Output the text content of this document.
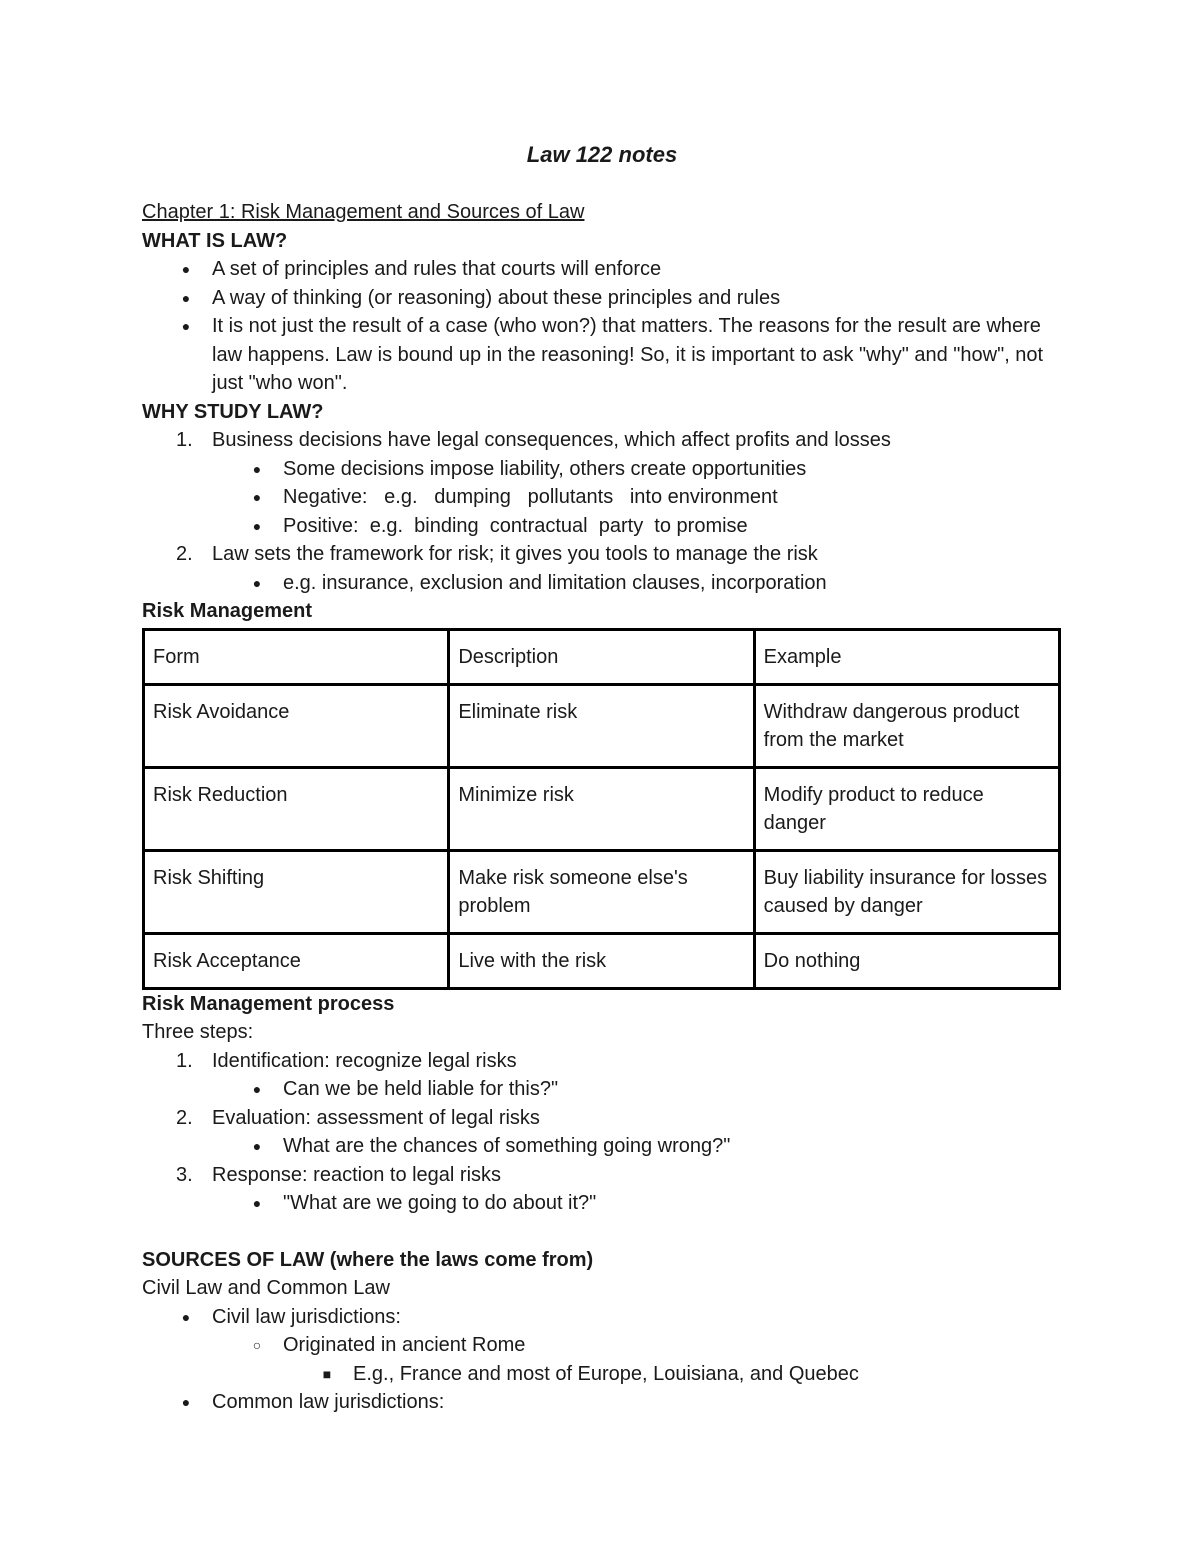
Law 122 notes
Chapter 1: Risk Management and Sources of Law
WHAT IS LAW?
● A set of principles and rules that courts will enforce
● A way of thinking (or reasoning) about these principles and rules
● It is not just the result of a case (who won?) that matters. The reasons for the result are where law happens. Law is bound up in the reasoning! So, it is important to ask "why" and "how", not just "who won".
WHY STUDY LAW?
1. Business decisions have legal consequences, which affect profits and losses
● Some decisions impose liability, others create opportunities
● Negative:   e.g.   dumping   pollutants   into environment
● Positive:  e.g.  binding  contractual  party  to promise
2. Law sets the framework for risk; it gives you tools to manage the risk
● e.g. insurance, exclusion and limitation clauses, incorporation
Risk Management
Form	Description	Example
Risk Avoidance	Eliminate risk	Withdraw dangerous product from the market
Risk Reduction	Minimize risk	Modify product to reduce danger
Risk Shifting	Make risk someone else's problem	Buy liability insurance for losses caused by danger
Risk Acceptance	Live with the risk	Do nothing
Risk Management process
Three steps:
1. Identification: recognize legal risks
● Can we be held liable for this?"
2. Evaluation: assessment of legal risks
● What are the chances of something going wrong?"
3. Response: reaction to legal risks
● "What are we going to do about it?"
SOURCES OF LAW (where the laws come from)
Civil Law and Common Law
● Civil law jurisdictions:
○ Originated in ancient Rome
■ E.g., France and most of Europe, Louisiana, and Quebec
● Common law jurisdictions:
